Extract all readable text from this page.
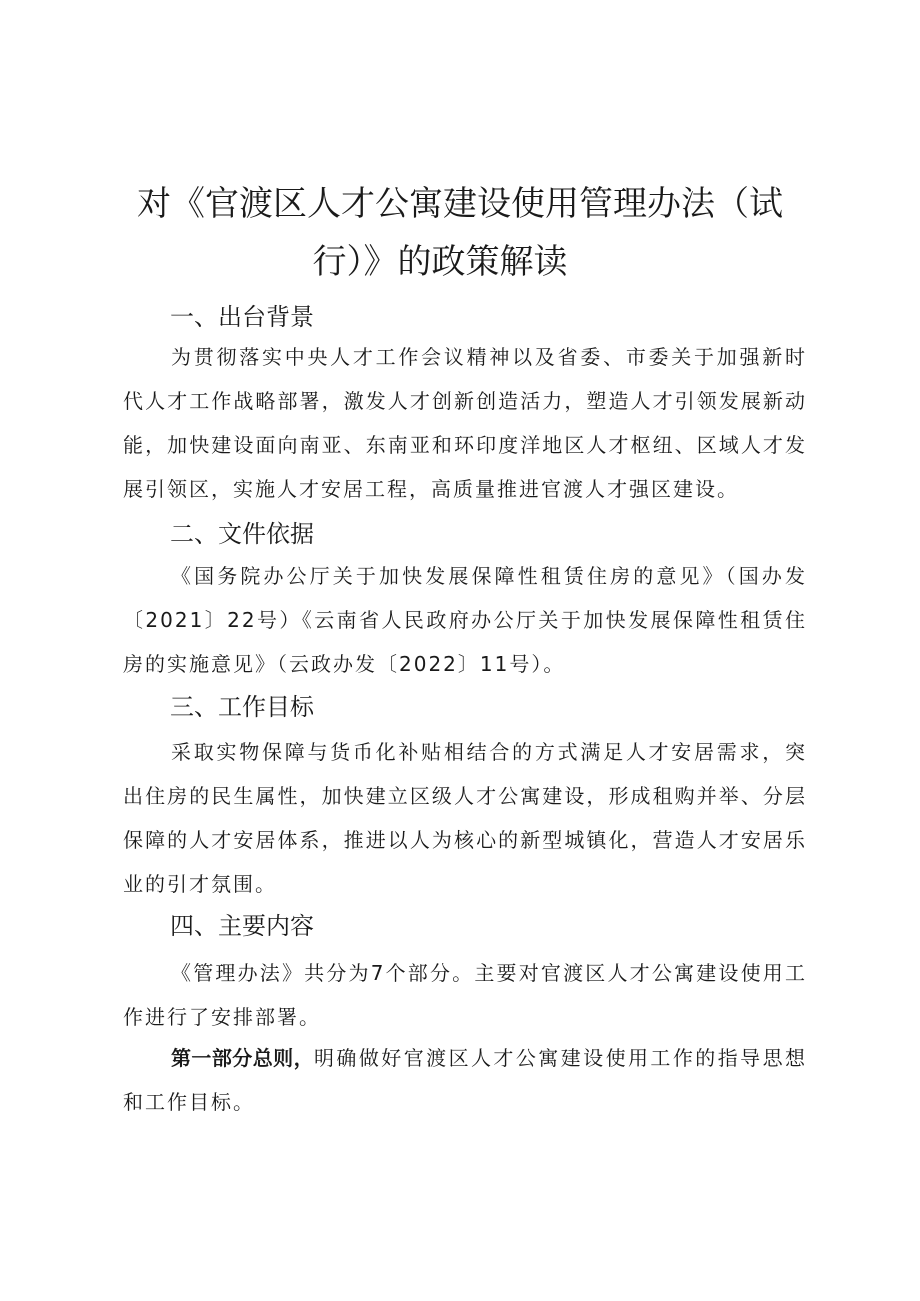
对《官渡区人才公寓建设使用管理办法（试
行）》的政策解读
一、出台背景

为贯彻落实中央人才工作会议精神以及省委、市委关于加强新时代人才工作战略部署，激发人才创新创造活力，塑造人才引领发展新动能，加快建设面向南亚、东南亚和环印度洋地区人才枢纽、区域人才发展引领区，实施人才安居工程，高质量推进官渡人才强区建设。

二、文件依据

《国务院办公厅关于加快发展保障性租赁住房的意见》（国办发〔2021〕22号）《云南省人民政府办公厅关于加快发展保障性租赁住房的实施意见》（云政办发〔2022〕11号）。

三、工作目标

采取实物保障与货币化补贴相结合的方式满足人才安居需求，突出住房的民生属性，加快建立区级人才公寓建设，形成租购并举、分层保障的人才安居体系，推进以人为核心的新型城镇化，营造人才安居乐业的引才氛围。

四、主要内容

《管理办法》共分为7个部分。主要对官渡区人才公寓建设使用工作进行了安排部署。

第一部分总则，明确做好官渡区人才公寓建设使用工作的指导思想和工作目标。
